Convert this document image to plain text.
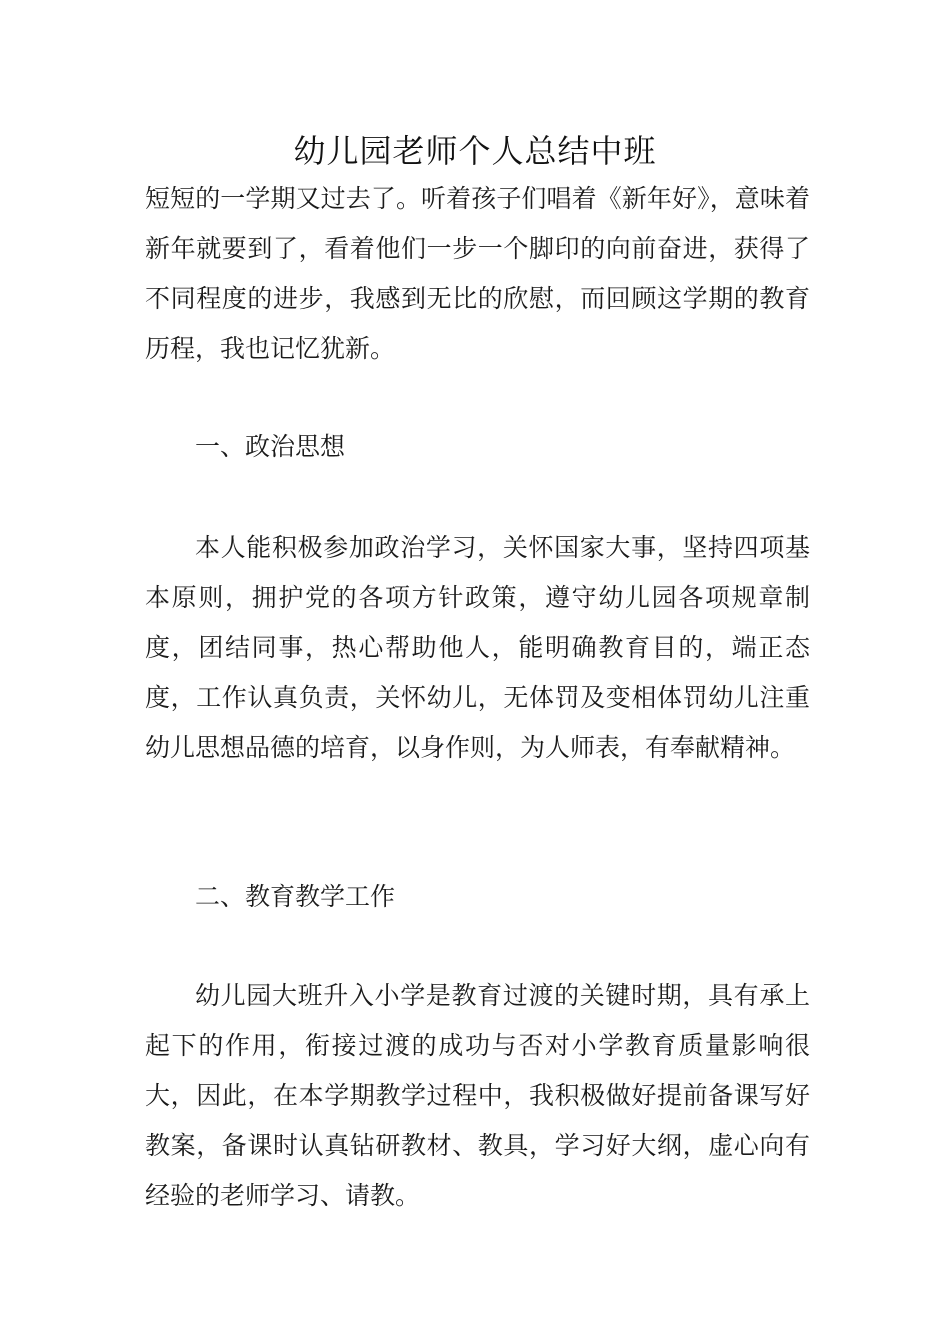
幼儿园老师个人总结中班

短短的一学期又过去了。听着孩子们唱着《新年好》，意味着新年就要到了，看着他们一步一个脚印的向前奋进，获得了不同程度的进步，我感到无比的欣慰，而回顾这学期的教育历程，我也记忆犹新。

一、政治思想

本人能积极参加政治学习，关怀国家大事，坚持四项基本原则，拥护党的各项方针政策，遵守幼儿园各项规章制度，团结同事，热心帮助他人，能明确教育目的，端正态度，工作认真负责，关怀幼儿，无体罚及变相体罚幼儿注重幼儿思想品德的培育，以身作则，为人师表，有奉献精神。

二、教育教学工作

幼儿园大班升入小学是教育过渡的关键时期，具有承上起下的作用，衔接过渡的成功与否对小学教育质量影响很大，因此，在本学期教学过程中，我积极做好提前备课写好教案，备课时认真钻研教材、教具，学习好大纲，虚心向有经验的老师学习、请教。
